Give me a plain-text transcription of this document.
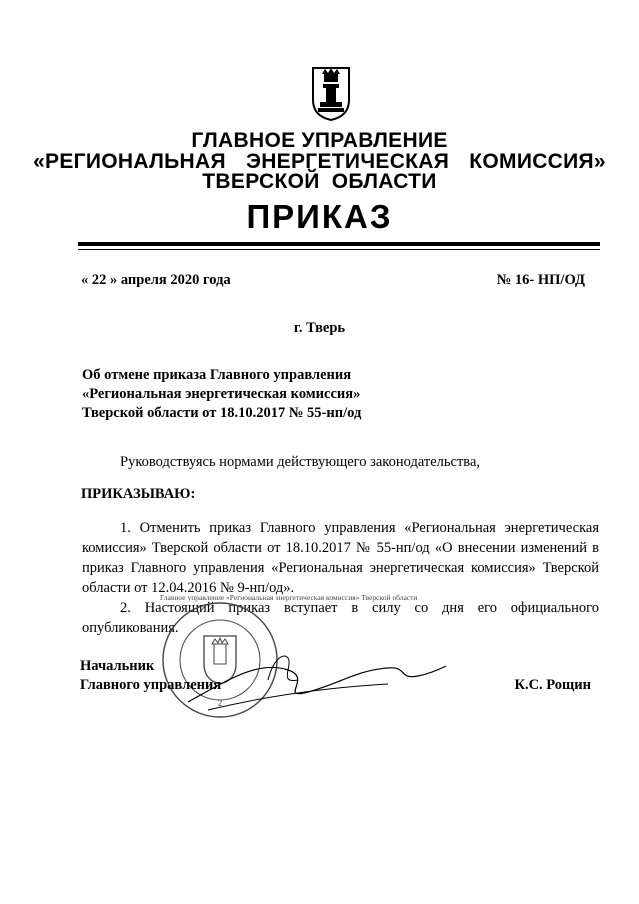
ГЛАВНОЕ УПРАВЛЕНИЕ
«РЕГИОНАЛЬНАЯ ЭНЕРГЕТИЧЕСКАЯ КОМИССИЯ»
ТВЕРСКОЙ ОБЛАСТИ
ПРИКАЗ
« 22 » апреля 2020 года	№ 16- НП/ОД
г. Тверь
Об отмене приказа Главного управления
«Региональная энергетическая комиссия»
Тверской области от 18.10.2017 № 55-нп/од
Руководствуясь нормами действующего законодательства,
ПРИКАЗЫВАЮ:

1. Отменить приказ Главного управления «Региональная энергетическая комиссия» Тверской области от 18.10.2017 № 55-нп/од «О внесении изменений в приказ Главного управления «Региональная энергетическая комиссия» Тверской области от 12.04.2016 № 9-нп/од».

2. Настоящий приказ вступает в силу со дня его официального опубликования.

Главное управление «Региональная энергетическая комиссия» Тверской области
2
Начальник
Главного управления	К.С. Рощин
